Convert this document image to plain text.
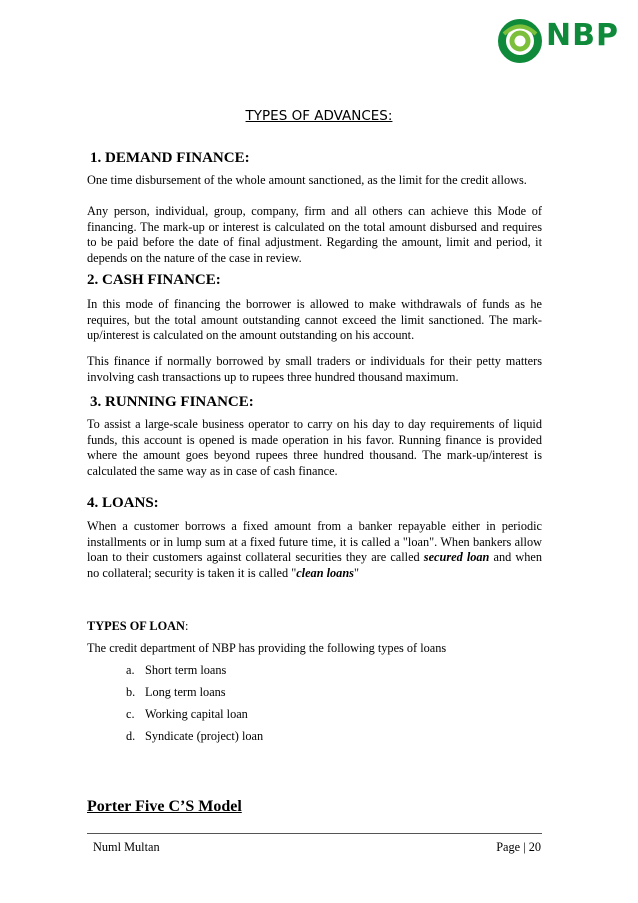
NBP
TYPES OF ADVANCES:
1. DEMAND FINANCE:

One time disbursement of the whole amount sanctioned, as the limit for the credit allows.

Any person, individual, group, company, firm and all others can achieve this Mode of financing. The mark-up or interest is calculated on the total amount disbursed and requires to be paid before the date of final adjustment. Regarding the amount, limit and period, it depends on the nature of the case in review.

2. CASH FINANCE:

In this mode of financing the borrower is allowed to make withdrawals of funds as he requires, but the total amount outstanding cannot exceed the limit sanctioned. The mark-up/interest is calculated on the amount outstanding on his account.

This finance if normally borrowed by small traders or individuals for their petty matters involving cash transactions up to rupees three hundred thousand maximum.

3. RUNNING FINANCE:

To assist a large-scale business operator to carry on his day to day requirements of liquid funds, this account is opened is made operation in his favor. Running finance is provided where the amount goes beyond rupees three hundred thousand. The mark-up/interest is calculated the same way as in case of cash finance.

4. LOANS:

When a customer borrows a fixed amount from a banker repayable either in periodic installments or in lump sum at a fixed future time, it is called a "loan". When bankers allow loan to their customers against collateral securities they are called secured loan and when no collateral; security is taken it is called "clean loans"

TYPES OF LOAN:

The credit department of NBP has providing the following types of loans

a. Short term loans
b. Long term loans
c. Working capital loan
d. Syndicate (project) loan
Porter Five C’S Model
Numl Multan	Page | 20
